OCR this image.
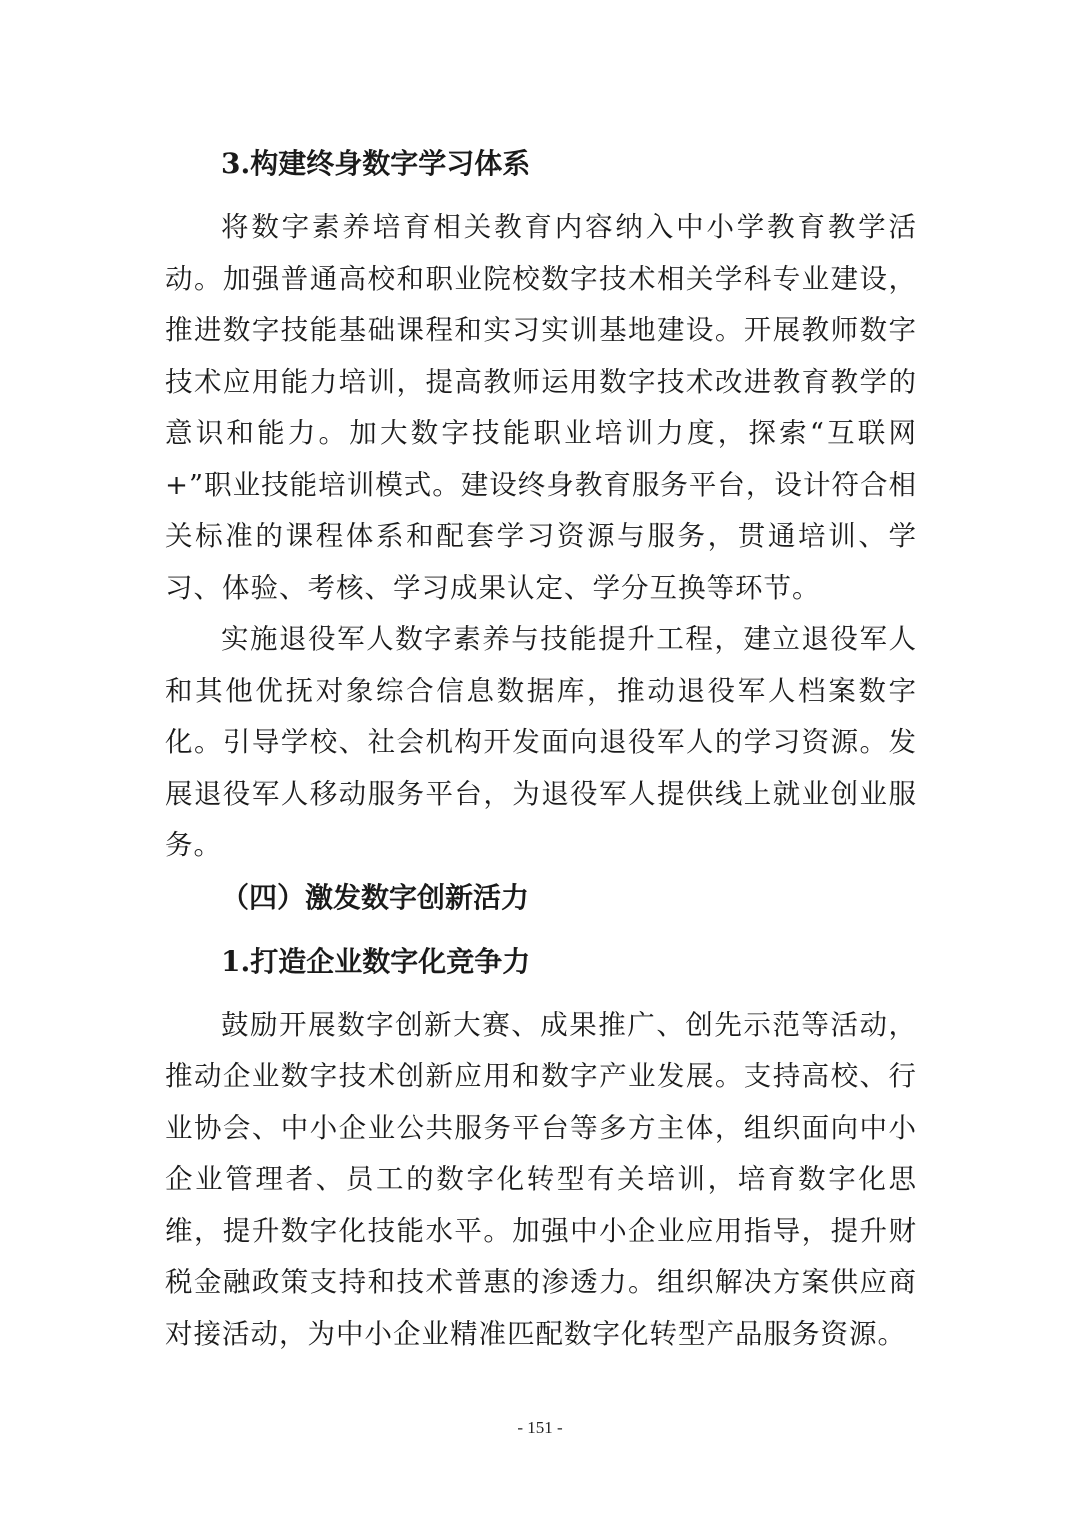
3.构建终身数字学习体系

将数字素养培育相关教育内容纳入中小学教育教学活动。加强普通高校和职业院校数字技术相关学科专业建设，推进数字技能基础课程和实习实训基地建设。开展教师数字技术应用能力培训，提高教师运用数字技术改进教育教学的意识和能力。加大数字技能职业培训力度，探索“互联网+”职业技能培训模式。建设终身教育服务平台，设计符合相关标准的课程体系和配套学习资源与服务，贯通培训、学习、体验、考核、学习成果认定、学分互换等环节。

实施退役军人数字素养与技能提升工程，建立退役军人和其他优抚对象综合信息数据库，推动退役军人档案数字化。引导学校、社会机构开发面向退役军人的学习资源。发展退役军人移动服务平台，为退役军人提供线上就业创业服务。

（四）激发数字创新活力

1.打造企业数字化竞争力

鼓励开展数字创新大赛、成果推广、创先示范等活动，推动企业数字技术创新应用和数字产业发展。支持高校、行业协会、中小企业公共服务平台等多方主体，组织面向中小企业管理者、员工的数字化转型有关培训，培育数字化思维，提升数字化技能水平。加强中小企业应用指导，提升财税金融政策支持和技术普惠的渗透力。组织解决方案供应商对接活动，为中小企业精准匹配数字化转型产品服务资源。

- 151 -
